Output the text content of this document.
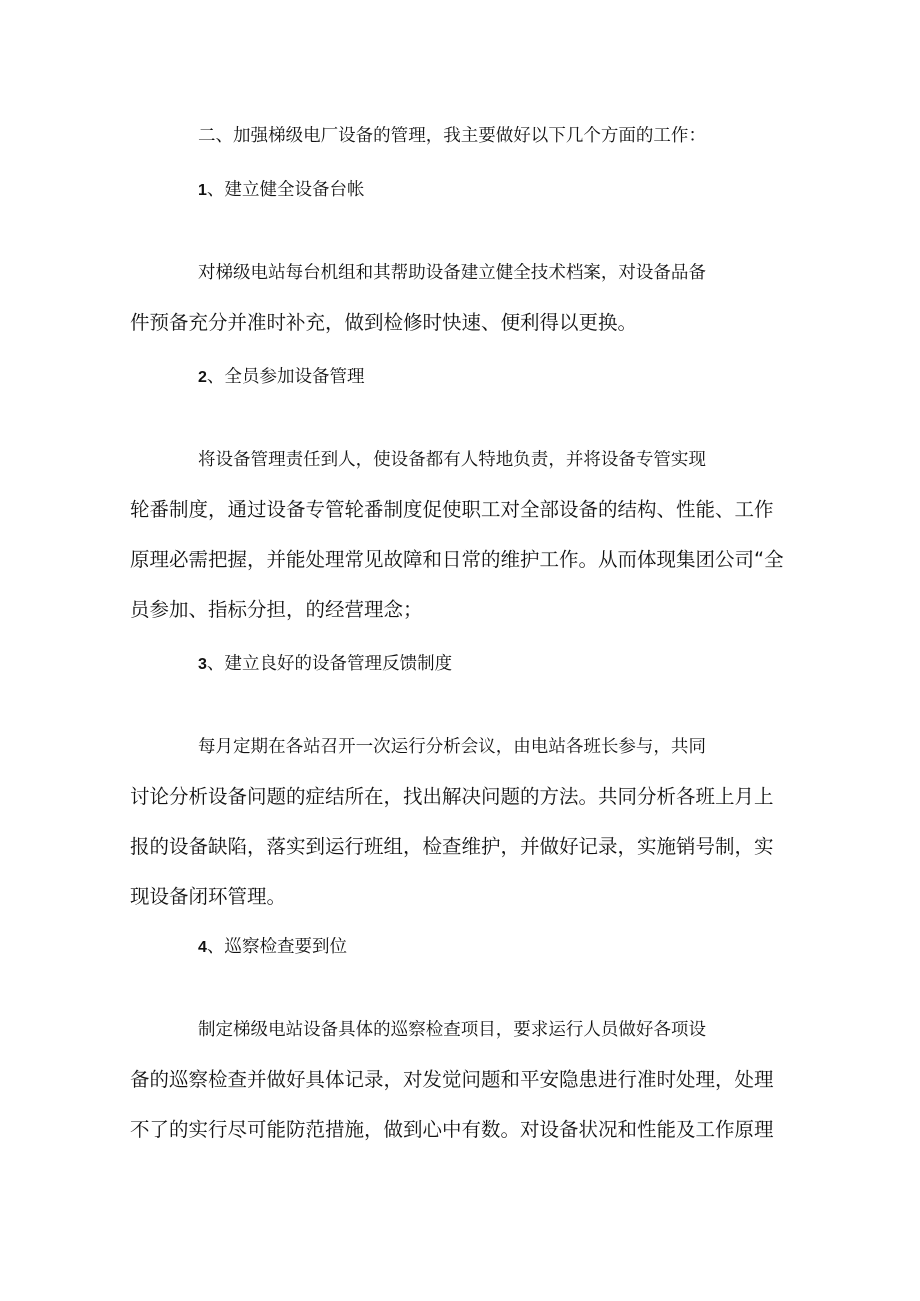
二、加强梯级电厂设备的管理，我主要做好以下几个方面的工作：
1、建立健全设备台帐
对梯级电站每台机组和其帮助设备建立健全技术档案，对设备品备
件预备充分并准时补充，做到检修时快速、便利得以更换。
2、全员参加设备管理
将设备管理责任到人，使设备都有人特地负责，并将设备专管实现
轮番制度，通过设备专管轮番制度促使职工对全部设备的结构、性能、工作
原理必需把握，并能处理常见故障和日常的维护工作。从而体现集团公司“全
员参加、指标分担，的经营理念；
3、建立良好的设备管理反馈制度
每月定期在各站召开一次运行分析会议，由电站各班长参与，共同
讨论分析设备问题的症结所在，找出解决问题的方法。共同分析各班上月上
报的设备缺陷，落实到运行班组，检查维护，并做好记录，实施销号制，实
现设备闭环管理。
4、巡察检查要到位
制定梯级电站设备具体的巡察检查项目，要求运行人员做好各项设
备的巡察检查并做好具体记录，对发觉问题和平安隐患进行准时处理，处理
不了的实行尽可能防范措施，做到心中有数。对设备状况和性能及工作原理
